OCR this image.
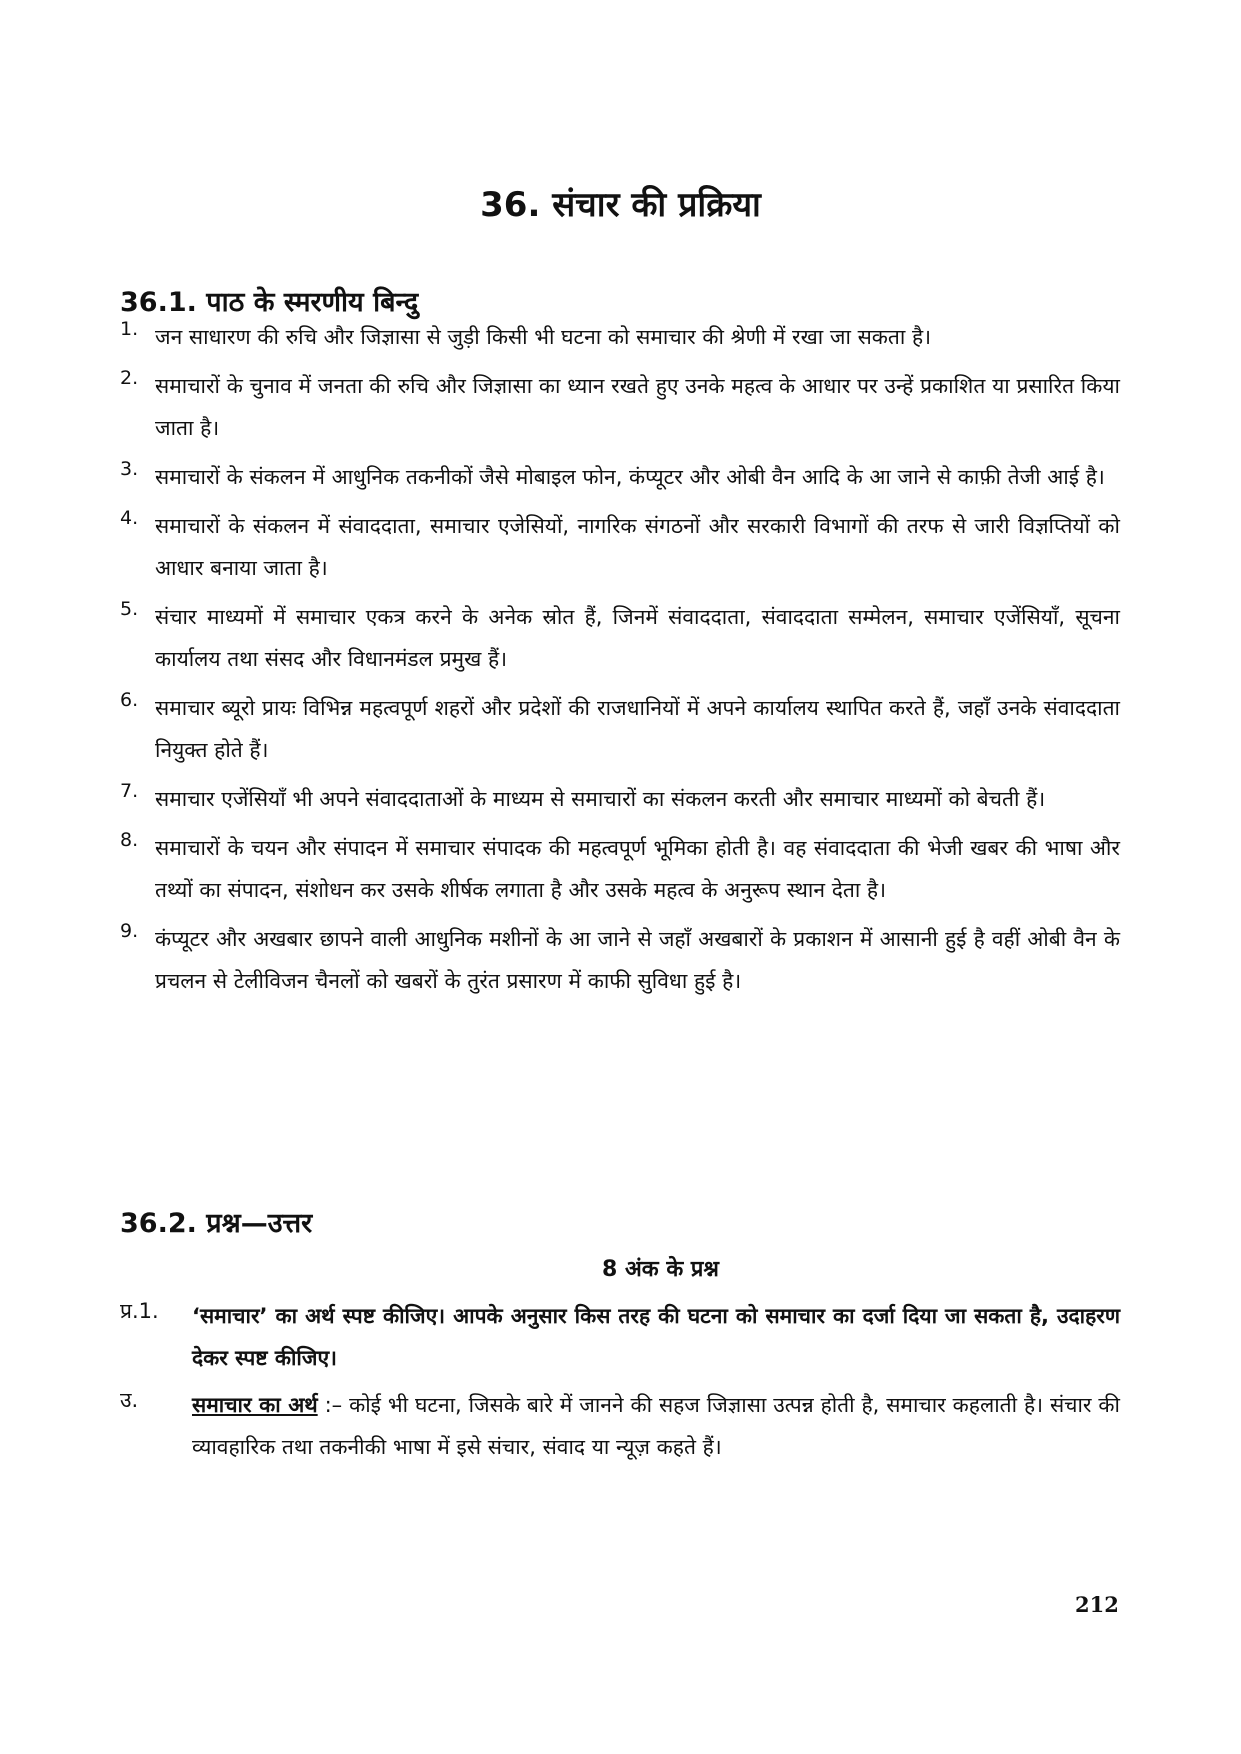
36. संचार की प्रक्रिया
36.1. पाठ के स्मरणीय बिन्दु
1. जन साधारण की रुचि और जिज्ञासा से जुड़ी किसी भी घटना को समाचार की श्रेणी में रखा जा सकता है।
2. समाचारों के चुनाव में जनता की रुचि और जिज्ञासा का ध्यान रखते हुए उनके महत्व के आधार पर उन्हें प्रकाशित या प्रसारित किया जाता है।
3. समाचारों के संकलन में आधुनिक तकनीकों जैसे मोबाइल फोन, कंप्यूटर और ओबी वैन आदि के आ जाने से काफ़ी तेजी आई है।
4. समाचारों के संकलन में संवाददाता, समाचार एजेसियों, नागरिक संगठनों और सरकारी विभागों की तरफ से जारी विज्ञप्तियों को आधार बनाया जाता है।
5. संचार माध्यमों में समाचार एकत्र करने के अनेक स्रोत हैं, जिनमें संवाददाता, संवाददाता सम्मेलन, समाचार एजेंसियाँ, सूचना कार्यालय तथा संसद और विधानमंडल प्रमुख हैं।
6. समाचार ब्यूरो प्रायः विभिन्न महत्वपूर्ण शहरों और प्रदेशों की राजधानियों में अपने कार्यालय स्थापित करते हैं, जहाँ उनके संवाददाता नियुक्त होते हैं।
7. समाचार एजेंसियाँ भी अपने संवाददाताओं के माध्यम से समाचारों का संकलन करती और समाचार माध्यमों को बेचती हैं।
8. समाचारों के चयन और संपादन में समाचार संपादक की महत्वपूर्ण भूमिका होती है। वह संवाददाता की भेजी खबर की भाषा और तथ्यों का संपादन, संशोधन कर उसके शीर्षक लगाता है और उसके महत्व के अनुरूप स्थान देता है।
9. कंप्यूटर और अखबार छापने वाली आधुनिक मशीनों के आ जाने से जहाँ अखबारों के प्रकाशन में आसानी हुई है वहीं ओबी वैन के प्रचलन से टेलीविजन चैनलों को खबरों के तुरंत प्रसारण में काफी सुविधा हुई है।
36.2. प्रश्न—उत्तर
8 अंक के प्रश्न
प्र.1. ‘समाचार’ का अर्थ स्पष्ट कीजिए। आपके अनुसार किस तरह की घटना को समाचार का दर्जा दिया जा सकता है, उदाहरण देकर स्पष्ट कीजिए।
उ.	समाचार का अर्थ :– कोई भी घटना, जिसके बारे में जानने की सहज जिज्ञासा उत्पन्न होती है, समाचार कहलाती है। संचार की व्यावहारिक तथा तकनीकी भाषा में इसे संचार, संवाद या न्यूज़ कहते हैं।
212
